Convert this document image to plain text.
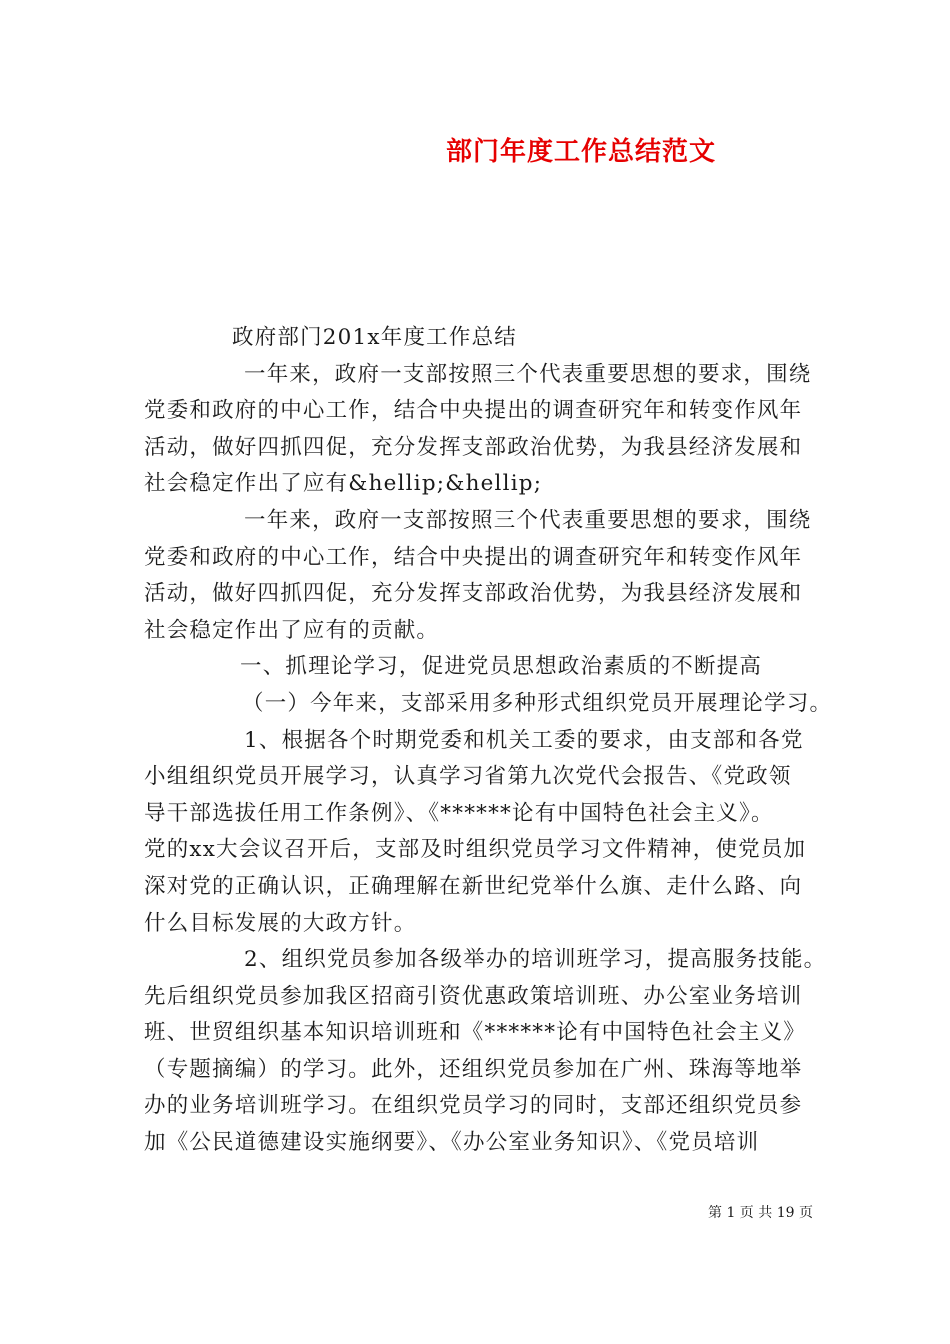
部门年度工作总结范文

政府部门201x年度工作总结

一年来，政府一支部按照三个代表重要思想的要求，围绕

党委和政府的中心工作，结合中央提出的调查研究年和转变作风年

活动，做好四抓四促，充分发挥支部政治优势，为我县经济发展和

社会稳定作出了应有&hellip;&hellip;

一年来，政府一支部按照三个代表重要思想的要求，围绕

党委和政府的中心工作，结合中央提出的调查研究年和转变作风年

活动，做好四抓四促，充分发挥支部政治优势，为我县经济发展和

社会稳定作出了应有的贡献。

一、抓理论学习，促进党员思想政治素质的不断提高

（一）今年来，支部采用多种形式组织党员开展理论学习。

1、根据各个时期党委和机关工委的要求，由支部和各党

小组组织党员开展学习，认真学习省第九次党代会报告、《党政领

导干部选拔任用工作条例》、《******论有中国特色社会主义》。

党的xx大会议召开后，支部及时组织党员学习文件精神，使党员加

深对党的正确认识，正确理解在新世纪党举什么旗、走什么路、向

什么目标发展的大政方针。

2、组织党员参加各级举办的培训班学习，提高服务技能。

先后组织党员参加我区招商引资优惠政策培训班、办公室业务培训

班、世贸组织基本知识培训班和《******论有中国特色社会主义》

（专题摘编）的学习。此外，还组织党员参加在广州、珠海等地举

办的业务培训班学习。在组织党员学习的同时，支部还组织党员参

加《公民道德建设实施纲要》、《办公室业务知识》、《党员培训

第 1 页 共 19 页
